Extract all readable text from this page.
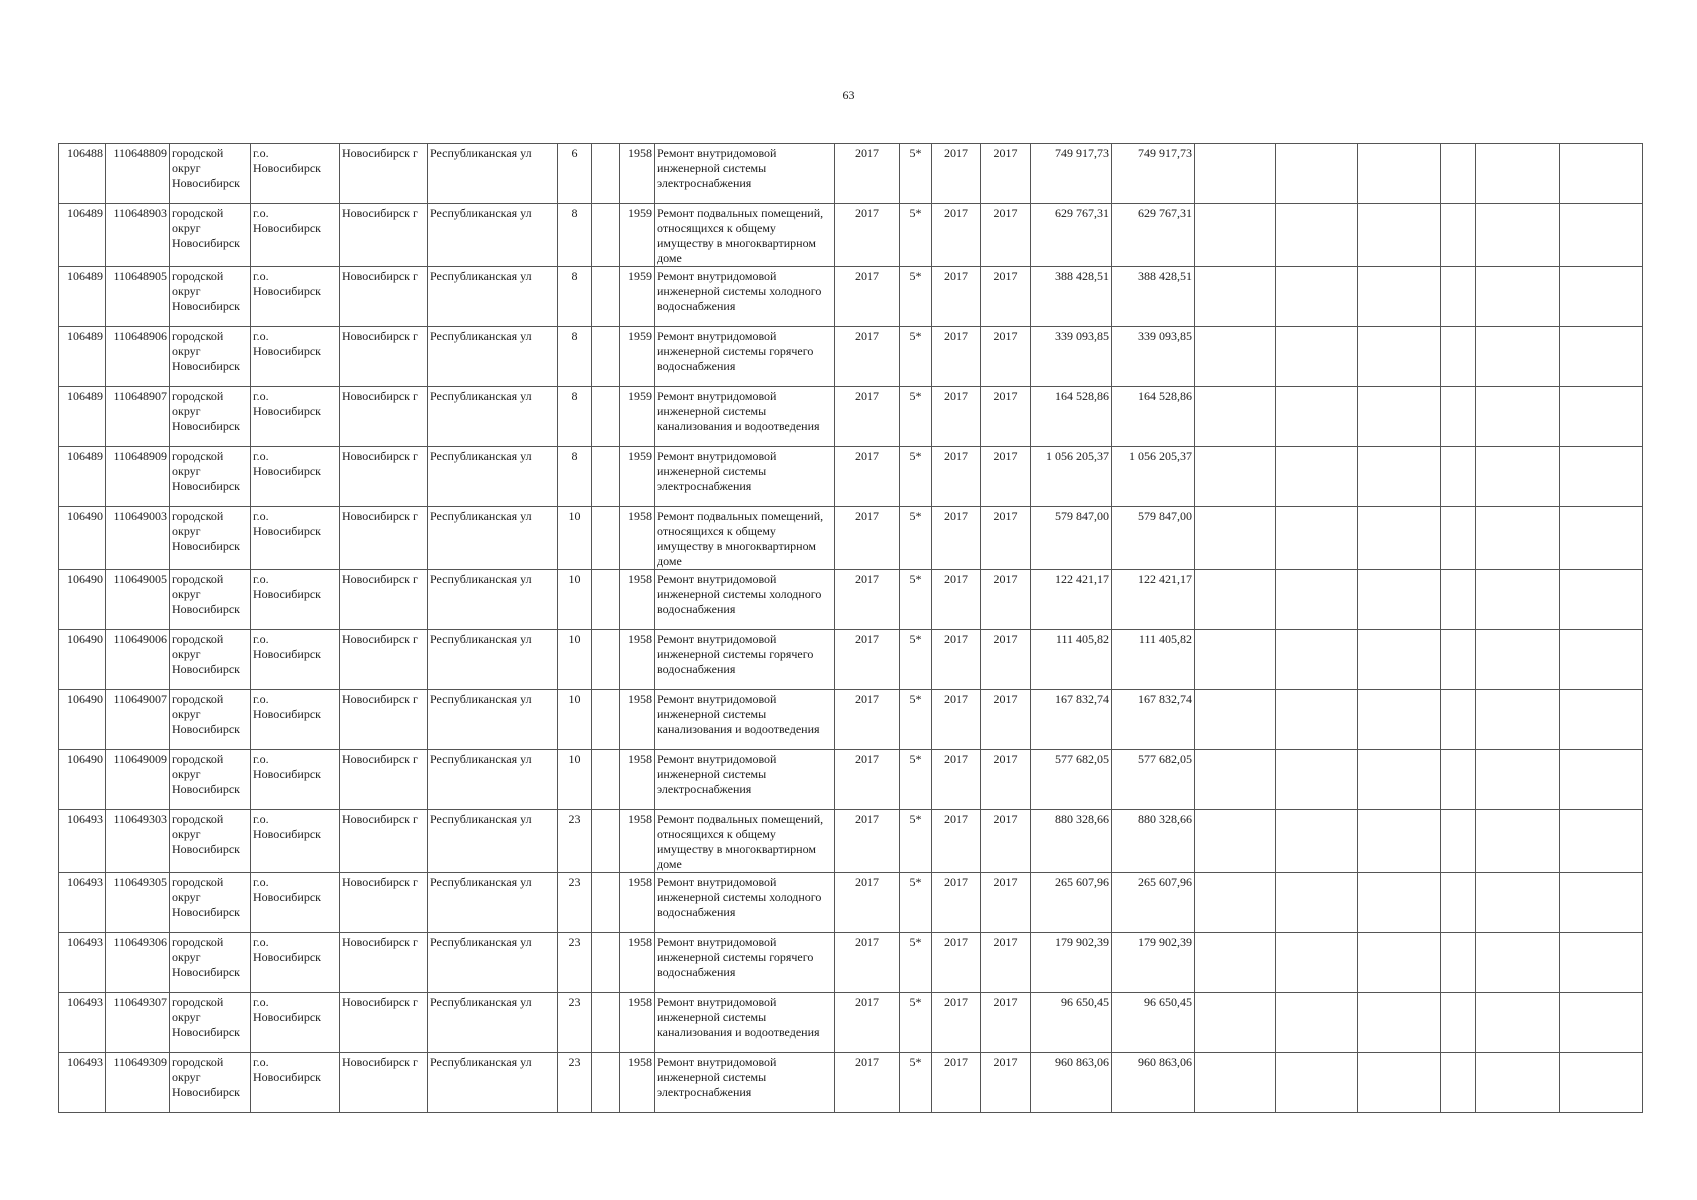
63
106488	110648809	городской округ Новосибирск	г.о. Новосибирск	Новосибирск г	Республиканская ул	6		1958	Ремонт внутридомовой инженерной системы электроснабжения	2017	5*	2017	2017	749 917,73	749 917,73						
106489	110648903	городской округ Новосибирск	г.о. Новосибирск	Новосибирск г	Республиканская ул	8		1959	Ремонт подвальных помещений, относящихся к общему имуществу в многоквартирном доме	2017	5*	2017	2017	629 767,31	629 767,31						
106489	110648905	городской округ Новосибирск	г.о. Новосибирск	Новосибирск г	Республиканская ул	8		1959	Ремонт внутридомовой инженерной системы холодного водоснабжения	2017	5*	2017	2017	388 428,51	388 428,51						
106489	110648906	городской округ Новосибирск	г.о. Новосибирск	Новосибирск г	Республиканская ул	8		1959	Ремонт внутридомовой инженерной системы горячего водоснабжения	2017	5*	2017	2017	339 093,85	339 093,85						
106489	110648907	городской округ Новосибирск	г.о. Новосибирск	Новосибирск г	Республиканская ул	8		1959	Ремонт внутридомовой инженерной системы канализования и водоотведения	2017	5*	2017	2017	164 528,86	164 528,86						
106489	110648909	городской округ Новосибирск	г.о. Новосибирск	Новосибирск г	Республиканская ул	8		1959	Ремонт внутридомовой инженерной системы электроснабжения	2017	5*	2017	2017	1 056 205,37	1 056 205,37						
106490	110649003	городской округ Новосибирск	г.о. Новосибирск	Новосибирск г	Республиканская ул	10		1958	Ремонт подвальных помещений, относящихся к общему имуществу в многоквартирном доме	2017	5*	2017	2017	579 847,00	579 847,00						
106490	110649005	городской округ Новосибирск	г.о. Новосибирск	Новосибирск г	Республиканская ул	10		1958	Ремонт внутридомовой инженерной системы холодного водоснабжения	2017	5*	2017	2017	122 421,17	122 421,17						
106490	110649006	городской округ Новосибирск	г.о. Новосибирск	Новосибирск г	Республиканская ул	10		1958	Ремонт внутридомовой инженерной системы горячего водоснабжения	2017	5*	2017	2017	111 405,82	111 405,82						
106490	110649007	городской округ Новосибирск	г.о. Новосибирск	Новосибирск г	Республиканская ул	10		1958	Ремонт внутридомовой инженерной системы канализования и водоотведения	2017	5*	2017	2017	167 832,74	167 832,74						
106490	110649009	городской округ Новосибирск	г.о. Новосибирск	Новосибирск г	Республиканская ул	10		1958	Ремонт внутридомовой инженерной системы электроснабжения	2017	5*	2017	2017	577 682,05	577 682,05						
106493	110649303	городской округ Новосибирск	г.о. Новосибирск	Новосибирск г	Республиканская ул	23		1958	Ремонт подвальных помещений, относящихся к общему имуществу в многоквартирном доме	2017	5*	2017	2017	880 328,66	880 328,66						
106493	110649305	городской округ Новосибирск	г.о. Новосибирск	Новосибирск г	Республиканская ул	23		1958	Ремонт внутридомовой инженерной системы холодного водоснабжения	2017	5*	2017	2017	265 607,96	265 607,96						
106493	110649306	городской округ Новосибирск	г.о. Новосибирск	Новосибирск г	Республиканская ул	23		1958	Ремонт внутридомовой инженерной системы горячего водоснабжения	2017	5*	2017	2017	179 902,39	179 902,39						
106493	110649307	городской округ Новосибирск	г.о. Новосибирск	Новосибирск г	Республиканская ул	23		1958	Ремонт внутридомовой инженерной системы канализования и водоотведения	2017	5*	2017	2017	96 650,45	96 650,45						
106493	110649309	городской округ Новосибирск	г.о. Новосибирск	Новосибирск г	Республиканская ул	23		1958	Ремонт внутридомовой инженерной системы электроснабжения	2017	5*	2017	2017	960 863,06	960 863,06						
